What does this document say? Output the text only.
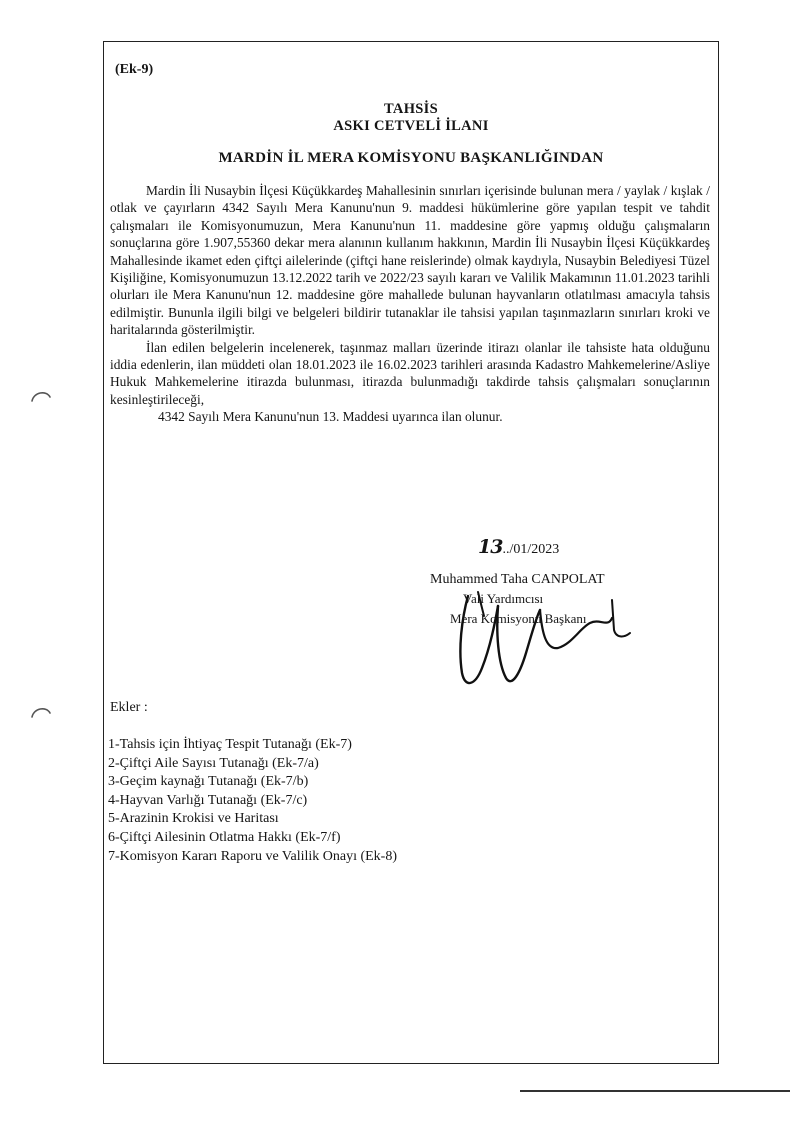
(Ek-9)
TAHSİS
ASKI CETVELİ İLANI
MARDİN İL MERA KOMİSYONU BAŞKANLIĞINDAN

Mardin İli Nusaybin İlçesi Küçükkardeş Mahallesinin sınırları içerisinde bulunan mera / yaylak / kışlak / otlak ve çayırların 4342 Sayılı Mera Kanunu'nun 9. maddesi hükümlerine göre yapılan tespit ve tahdit çalışmaları ile Komisyonumuzun, Mera Kanunu'nun 11. maddesine göre yapmış olduğu çalışmaların sonuçlarına göre 1.907,55360 dekar mera alanının kullanım hakkının, Mardin İli Nusaybin İlçesi Küçükkardeş Mahallesinde ikamet eden çiftçi ailelerinde (çiftçi hane reislerinde) olmak kaydıyla, Nusaybin Belediyesi Tüzel Kişiliğine, Komisyonumuzun 13.12.2022 tarih ve 2022/23 sayılı kararı ve Valilik Makamının 11.01.2023 tarihli olurları ile Mera Kanunu'nun 12. maddesine göre mahallede bulunan hayvanların otlatılması amacıyla tahsis edilmiştir. Bununla ilgili bilgi ve belgeleri bildirir tutanaklar ile tahsisi yapılan taşınmazların sınırları kroki ve haritalarında gösterilmiştir.

İlan edilen belgelerin incelenerek, taşınmaz malları üzerinde itirazı olanlar ile tahsiste hata olduğunu iddia edenlerin, ilan müddeti olan 18.01.2023 ile 16.02.2023 tarihleri arasında Kadastro Mahkemelerine/Asliye Hukuk Mahkemelerine itirazda bulunması, itirazda bulunmadığı takdirde tahsis çalışmaları sonuçlarının kesinleştirileceği,

4342 Sayılı Mera Kanunu'nun 13. Maddesi uyarınca ilan olunur.

13../01/2023
Muhammed Taha CANPOLAT
Vali Yardımcısı
Mera Komisyonu Başkanı
Ekler :
1-Tahsis için İhtiyaç Tespit Tutanağı (Ek-7)
2-Çiftçi Aile Sayısı Tutanağı (Ek-7/a)
3-Geçim kaynağı Tutanağı (Ek-7/b)
4-Hayvan Varlığı Tutanağı (Ek-7/c)
5-Arazinin Krokisi ve Haritası
6-Çiftçi Ailesinin Otlatma Hakkı (Ek-7/f)
7-Komisyon Kararı Raporu ve Valilik Onayı (Ek-8)
